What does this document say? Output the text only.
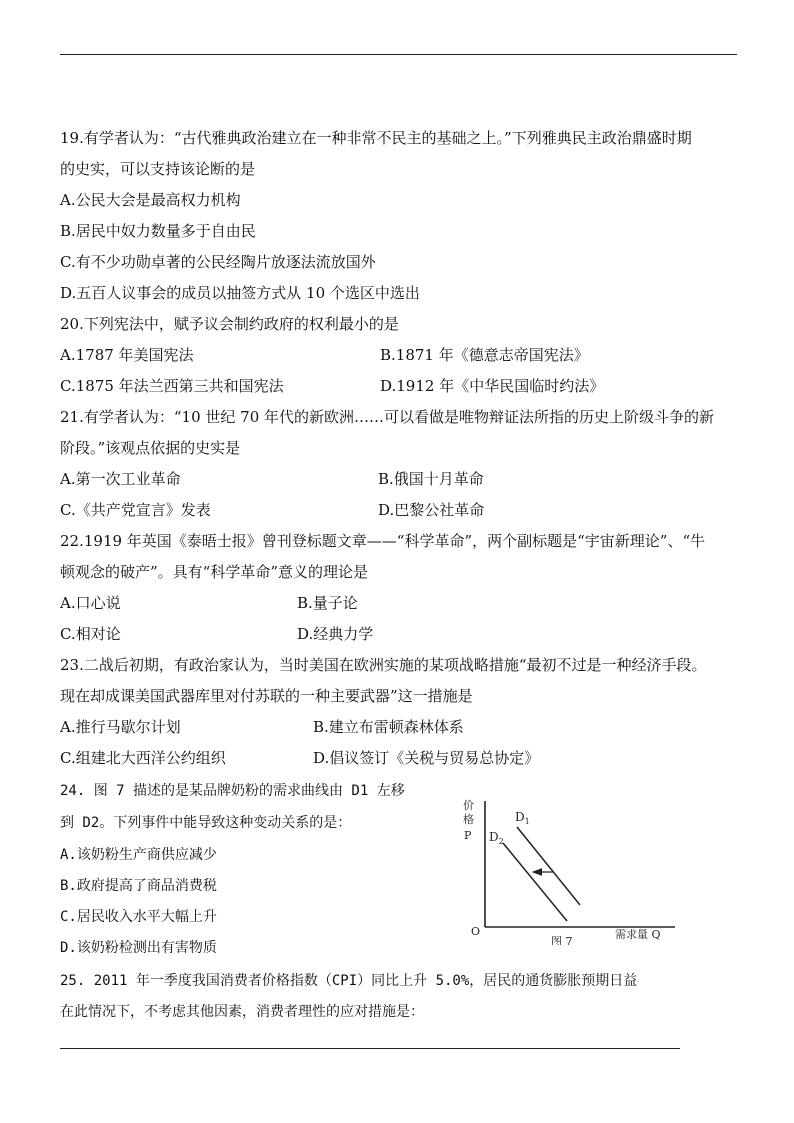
19.有学者认为：“古代雅典政治建立在一种非常不民主的基础之上。”下列雅典民主政治鼎盛时期
的史实，可以支持该论断的是
A.公民大会是最高权力机构
B.居民中奴力数量多于自由民
C.有不少功勋卓著的公民经陶片放逐法流放国外
D.五百人议事会的成员以抽签方式从 10 个选区中选出
20.下列宪法中，赋予议会制约政府的权利最小的是
A.1787 年美国宪法	B.1871 年《德意志帝国宪法》
C.1875 年法兰西第三共和国宪法	D.1912 年《中华民国临时约法》
21.有学者认为：“10 世纪 70 年代的新欧洲……可以看做是唯物辩证法所指的历史上阶级斗争的新
阶段。”该观点依据的史实是
A.第一次工业革命	B.俄国十月革命
C.《共产党宣言》发表	D.巴黎公社革命
22.1919 年英国《泰晤士报》曾刊登标题文章——“科学革命”，两个副标题是“宇宙新理论”、“牛
顿观念的破产”。具有“科学革命”意义的理论是
A.口心说	B.量子论
C.相对论	D.经典力学
23.二战后初期，有政治家认为，当时美国在欧洲实施的某项战略措施“最初不过是一种经济手段。
现在却成课美国武器库里对付苏联的一种主要武器”这一措施是
A.推行马歇尔计划	B.建立布雷顿森林体系
C.组建北大西洋公约组织	D.倡议签订《关税与贸易总协定》
24. 图 7 描述的是某品牌奶粉的需求曲线由 D1 左移
到 D2。下列事件中能导致这种变动关系的是：
A.该奶粉生产商供应减少
B.政府提高了商品消费税
C.居民收入水平大幅上升
D.该奶粉检测出有害物质
价
格
P
O
$D_1$
$D_2$
图 7
需求量 Q
25. 2011 年一季度我国消费者价格指数（CPI）同比上升 5.0%，居民的通货膨胀预期日益
在此情况下，不考虑其他因素，消费者理性的应对措施是：
